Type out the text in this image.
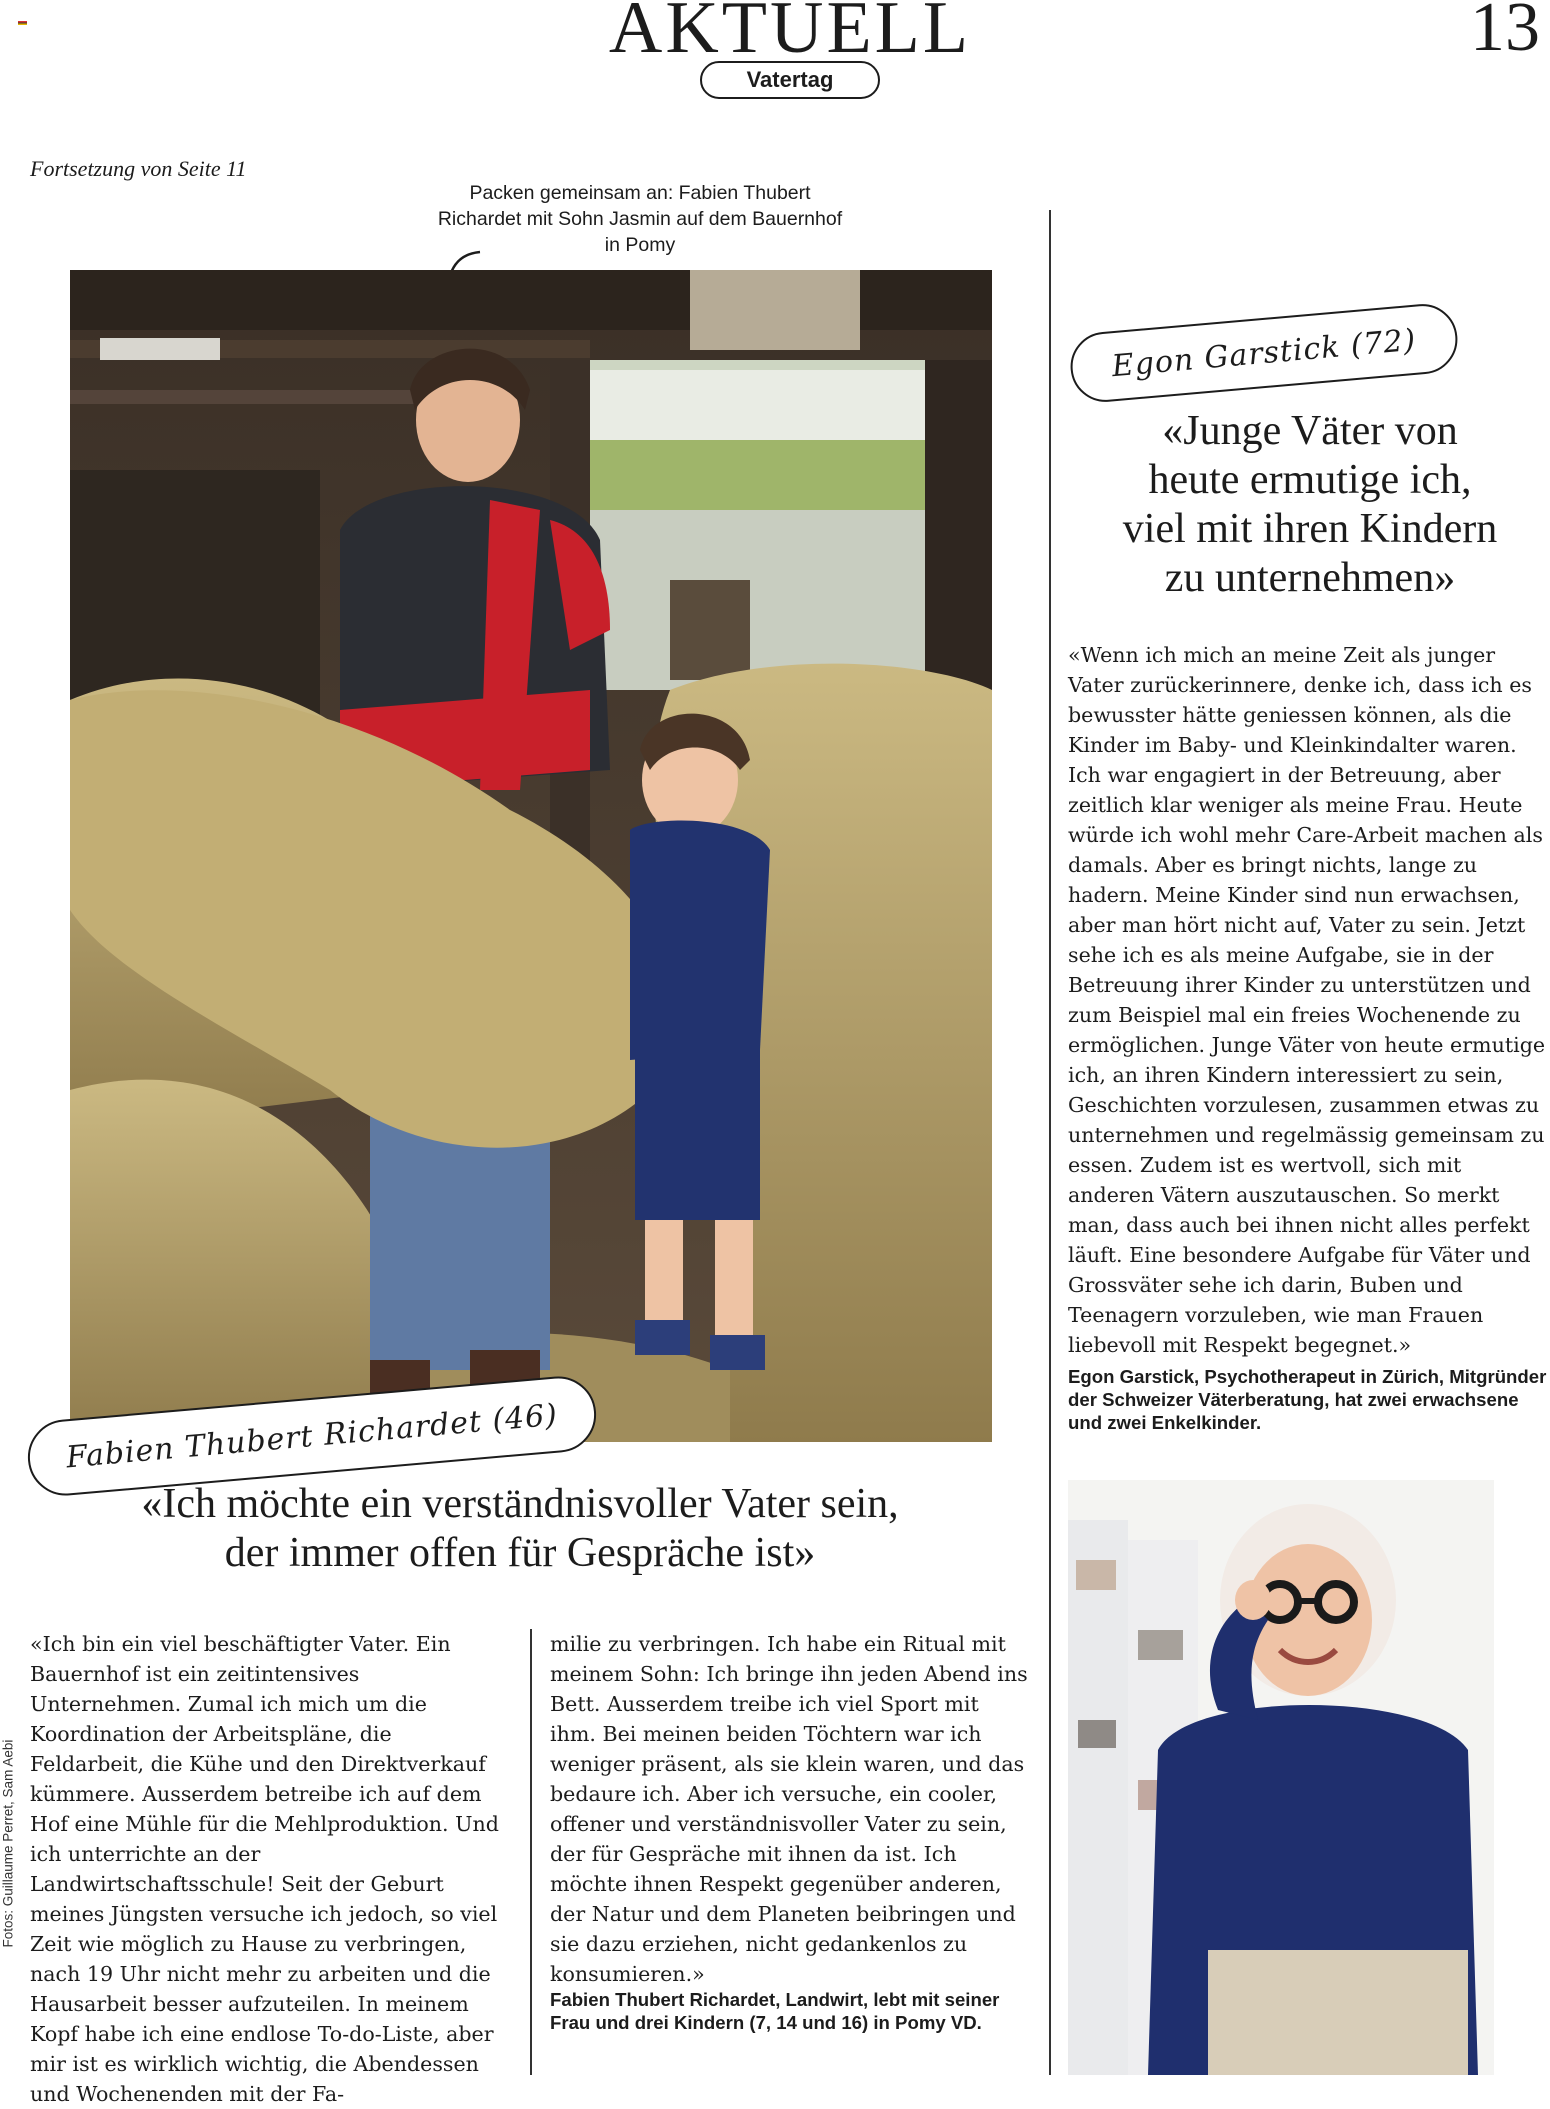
AKTUELL	13
Vatertag
Fortsetzung von Seite 11
Packen gemeinsam an: Fabien Thubert Richardet mit Sohn Jasmin auf dem Bauernhof in Pomy
Fabien Thubert Richardet (46)
Egon Garstick (72)
«Ich möchte ein verständnisvoller Vater sein,
der immer offen für Gespräche ist»
«Junge Väter von
heute ermutige ich,
viel mit ihren Kindern
zu unternehmen»

«Ich bin ein viel beschäftigter Vater. Ein Bauernhof ist ein zeitintensives Unternehmen. Zumal ich mich um die Koordination der Arbeitspläne, die Feldarbeit, die Kühe und den Direktverkauf kümmere. Ausserdem betreibe ich auf dem Hof eine Mühle für die Mehlproduktion. Und ich unterrichte an der Landwirtschaftsschule! Seit der Geburt meines Jüngsten versuche ich jedoch, so viel Zeit wie möglich zu Hause zu verbringen, nach 19 Uhr nicht mehr zu arbeiten und die Hausarbeit besser aufzuteilen. In meinem Kopf habe ich eine endlose To-do-Liste, aber mir ist es wirklich wichtig, die Abendessen und Wochenenden mit der Fa-

milie zu verbringen. Ich habe ein Ritual mit meinem Sohn: Ich bringe ihn jeden Abend ins Bett. Ausserdem treibe ich viel Sport mit ihm. Bei meinen beiden Töchtern war ich weniger präsent, als sie klein waren, und das bedaure ich. Aber ich versuche, ein cooler, offener und verständnisvoller Vater zu sein, der für Gespräche mit ihnen da ist. Ich möchte ihnen Respekt gegenüber anderen, der Natur und dem Planeten beibringen und sie dazu erziehen, nicht gedankenlos zu konsumieren.»

Fabien Thubert Richardet, Landwirt, lebt mit seiner Frau und drei Kindern (7, 14 und 16) in Pomy VD.

«Wenn ich mich an meine Zeit als junger Vater zurückerinnere, denke ich, dass ich es bewusster hätte geniessen können, als die Kinder im Baby- und Kleinkindalter waren. Ich war engagiert in der Betreuung, aber zeitlich klar weniger als meine Frau. Heute würde ich wohl mehr Care-Arbeit machen als damals. Aber es bringt nichts, lange zu hadern. Meine Kinder sind nun erwachsen, aber man hört nicht auf, Vater zu sein. Jetzt sehe ich es als meine Aufgabe, sie in der Betreuung ihrer Kinder zu unterstützen und zum Beispiel mal ein freies Wochenende zu ermöglichen. Junge Väter von heute ermutige ich, an ihren Kindern interessiert zu sein, Geschichten vorzulesen, zusammen etwas zu unternehmen und regelmässig gemeinsam zu essen. Zudem ist es wertvoll, sich mit anderen Vätern auszutauschen. So merkt man, dass auch bei ihnen nicht alles perfekt läuft. Eine besondere Aufgabe für Väter und Grossväter sehe ich darin, Buben und Teenagern vorzuleben, wie man Frauen liebevoll mit Respekt begegnet.»

Egon Garstick, Psychotherapeut in Zürich, Mitgründer der Schweizer Väterberatung, hat zwei erwachsene und zwei Enkelkinder.

Fotos: Guillaume Perret, Sam Aebi
